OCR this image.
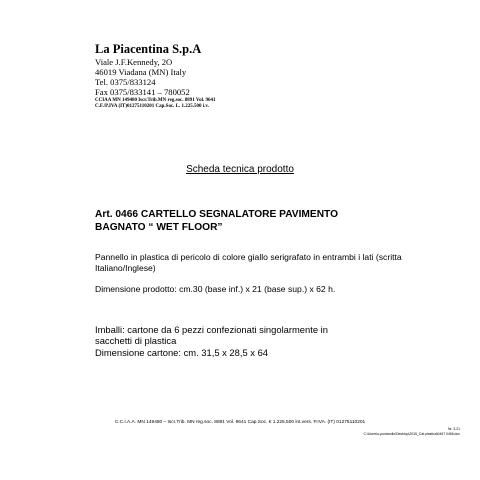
La Piacentina S.p.A
Viale J.F.Kennedy, 2O
46019 Viadana (MN) Italy
Tel. 0375/833124
Fax 0375/833141 – 780052
CCIAA MN 149480 Iscr.Trib.MN reg.soc. 8891 Vol. 9641
C.F./P.IVA (IT)01275110201 Cap.Soc. L. 1.225.500 i.v.
Scheda tecnica prodotto
Art. 0466 CARTELLO SEGNALATORE PAVIMENTO
BAGNATO “ WET FLOOR”
Pannello in plastica di pericolo di colore giallo serigrafato in entrambi i lati (scritta Italiano/Inglese)
Dimensione prodotto: cm.30 (base inf.) x 21 (base sup.) x 62 h.
Imballi: cartone da 6 pezzi confezionati singolarmente in
sacchetti di plastica
Dimensione cartone: cm. 31,5 x 28,5 x 64
C.C.I.A.A. MN 149480 – Iscr.Trib. MN reg.soc. 8891 Vol. 9641 Cap.Soc. € 1.225.500 int.vers. P.IVA. (IT) 01275110201
Nr. 3-21
C:\Users\c.pontarollo\Desktop\2015_Cat.plastica\0467 0466.doc
